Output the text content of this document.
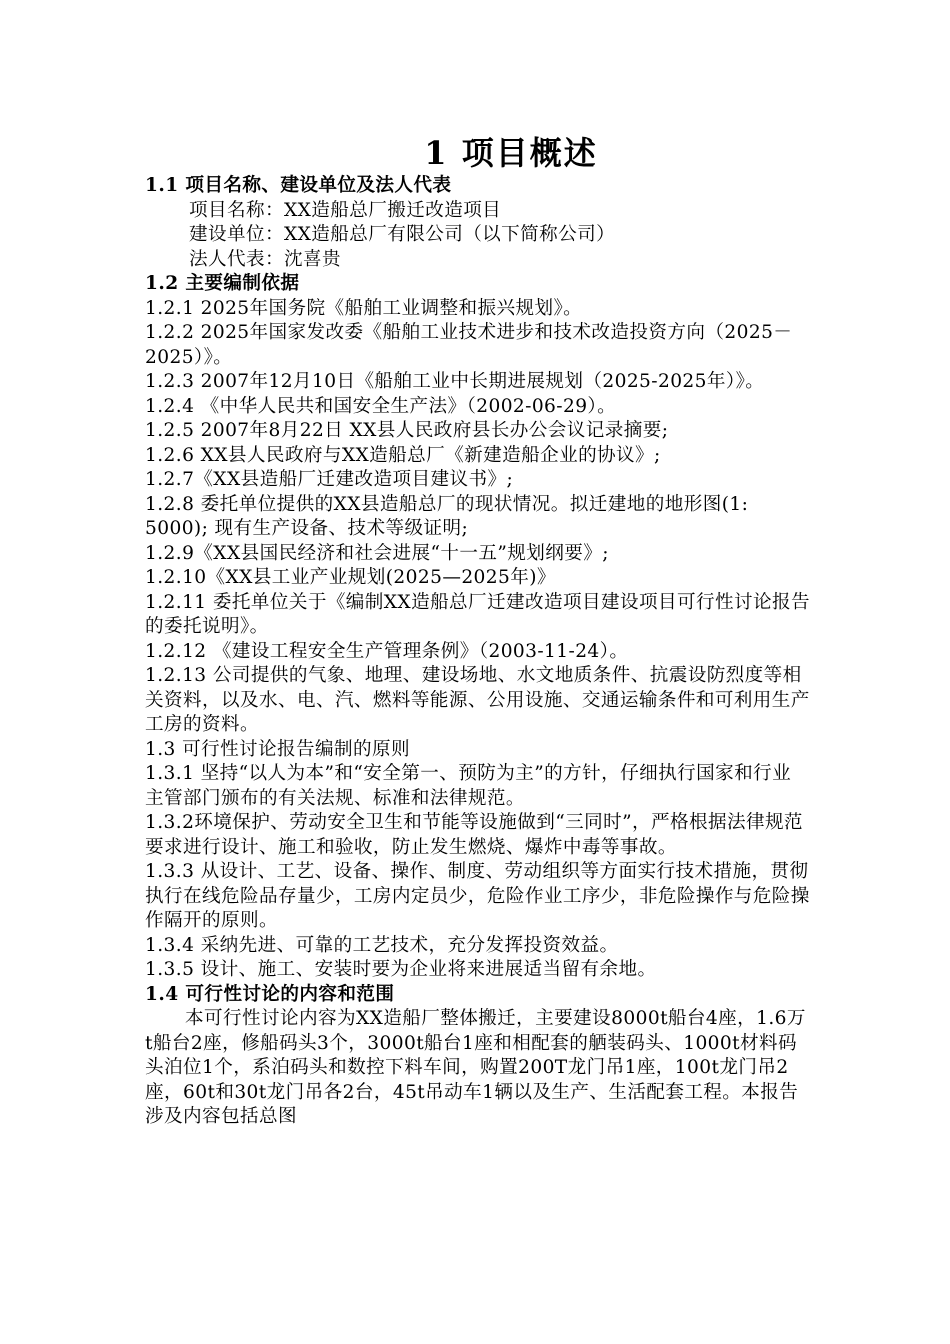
1 项目概述

1.1 项目名称、建设单位及法人代表

项目名称：XX造船总厂搬迁改造项目

建设单位：XX造船总厂有限公司（以下简称公司）

法人代表：沈喜贵

1.2 主要编制依据

1.2.1 2025年国务院《船舶工业调整和振兴规划》。

1.2.2 2025年国家发改委《船舶工业技术进步和技术改造投资方向（2025－2025）》。

1.2.3 2007年12月10日《船舶工业中长期进展规划（2025-2025年）》。

1.2.4 《中华人民共和国安全生产法》（2002-06-29）。

1.2.5 2007年8月22日 XX县人民政府县长办公会议记录摘要;

1.2.6 XX县人民政府与XX造船总厂《新建造船企业的协议》;

1.2.7《XX县造船厂迁建改造项目建议书》;

1.2.8 委托单位提供的XX县造船总厂的现状情况。拟迁建地的地形图(1: 5000); 现有生产设备、技术等级证明;

1.2.9《XX县国民经济和社会进展“十一五”规划纲要》;

1.2.10《XX县工业产业规划(2025—2025年)》

1.2.11 委托单位关于《编制XX造船总厂迁建改造项目建设项目可行性讨论报告的委托说明》。

1.2.12 《建设工程安全生产管理条例》（2003-11-24）。

1.2.13 公司提供的气象、地理、建设场地、水文地质条件、抗震设防烈度等相关资料，以及水、电、汽、燃料等能源、公用设施、交通运输条件和可利用生产工房的资料。

1.3 可行性讨论报告编制的原则

1.3.1 坚持“以人为本”和“安全第一、预防为主”的方针，仔细执行国家和行业主管部门颁布的有关法规、标准和法律规范。

1.3.2环境保护、劳动安全卫生和节能等设施做到“三同时”，严格根据法律规范要求进行设计、施工和验收，防止发生燃烧、爆炸中毒等事故。

1.3.3 从设计、工艺、设备、操作、制度、劳动组织等方面实行技术措施，贯彻执行在线危险品存量少，工房内定员少，危险作业工序少，非危险操作与危险操作隔开的原则。

1.3.4 采纳先进、可靠的工艺技术，充分发挥投资效益。

1.3.5 设计、施工、安装时要为企业将来进展适当留有余地。

1.4 可行性讨论的内容和范围

本可行性讨论内容为XX造船厂整体搬迁，主要建设8000t船台4座，1.6万t船台2座，修船码头3个，3000t船台1座和相配套的舾装码头、1000t材料码头泊位1个，系泊码头和数控下料车间，购置200T龙门吊1座，100t龙门吊2座，60t和30t龙门吊各2台，45t吊动车1辆以及生产、生活配套工程。本报告涉及内容包括总图
